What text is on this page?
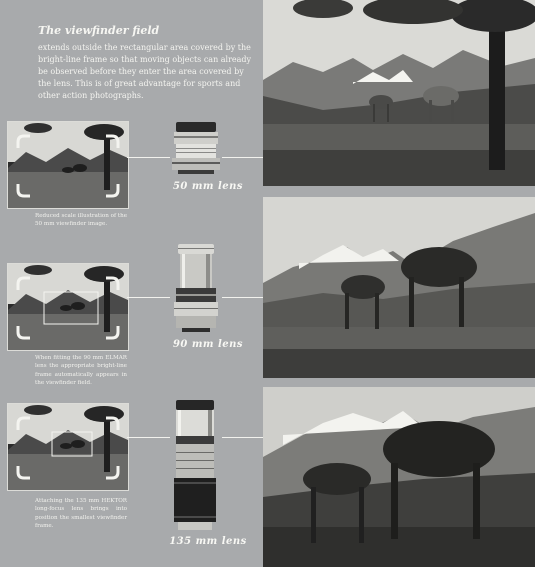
The viewfinder field

extends outside the rectangular area covered by the bright-line frame so that moving objects can already be observed before they enter the area covered by the lens. This is of great advantage for sports and other action photographs.

50 mm lens

Reduced scale illustration of the 50 mm viewfinder image.

90 mm lens

When fitting the 90 mm ELMAR lens the appropriate bright-line frame automatically appears in the viewfinder field.

135 mm lens

Attaching the 135 mm HEKTOR long-focus lens brings into position the smallest viewfinder frame.
